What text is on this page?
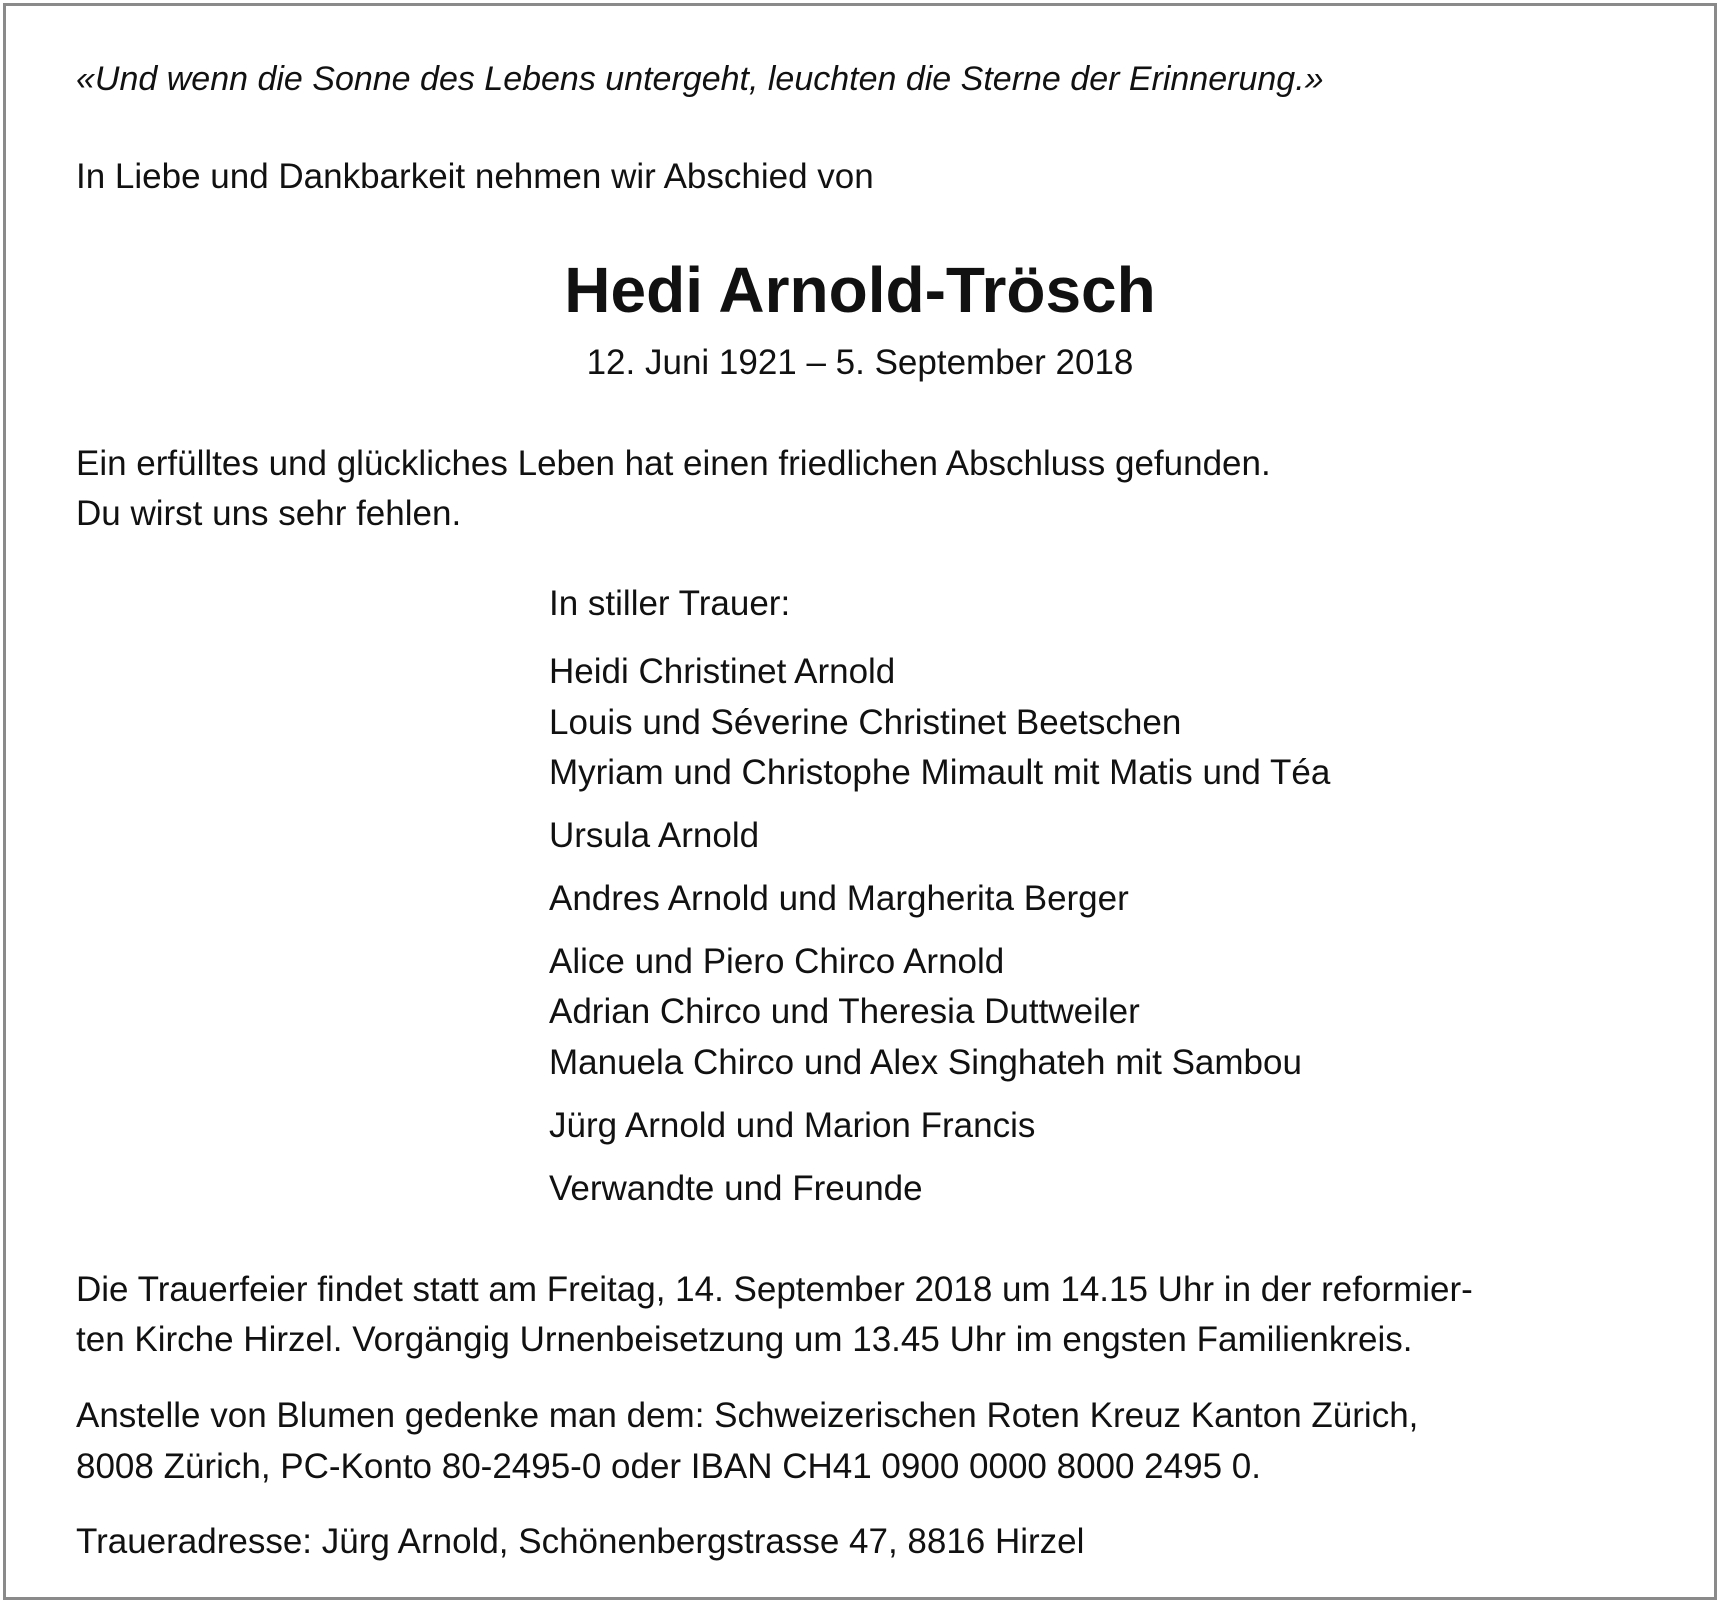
«Und wenn die Sonne des Lebens untergeht, leuchten die Sterne der Erinnerung.»

In Liebe und Dankbarkeit nehmen wir Abschied von

Hedi Arnold-Trösch

12. Juni 1921 – 5. September 2018

Ein erfülltes und glückliches Leben hat einen friedlichen Abschluss gefunden.

Du wirst uns sehr fehlen.

In stiller Trauer:

Heidi Christinet Arnold

Louis und Séverine Christinet Beetschen

Myriam und Christophe Mimault mit Matis und Téa

Ursula Arnold

Andres Arnold und Margherita Berger

Alice und Piero Chirco Arnold

Adrian Chirco und Theresia Duttweiler

Manuela Chirco und Alex Singhateh mit Sambou

Jürg Arnold und Marion Francis

Verwandte und Freunde

Die Trauerfeier findet statt am Freitag, 14. September 2018 um 14.15 Uhr in der reformier-

ten Kirche Hirzel. Vorgängig Urnenbeisetzung um 13.45 Uhr im engsten Familienkreis.

Anstelle von Blumen gedenke man dem: Schweizerischen Roten Kreuz Kanton Zürich,

8008 Zürich, PC-Konto 80-2495-0 oder IBAN CH41 0900 0000 8000 2495 0.

Traueradresse: Jürg Arnold, Schönenbergstrasse 47, 8816 Hirzel
